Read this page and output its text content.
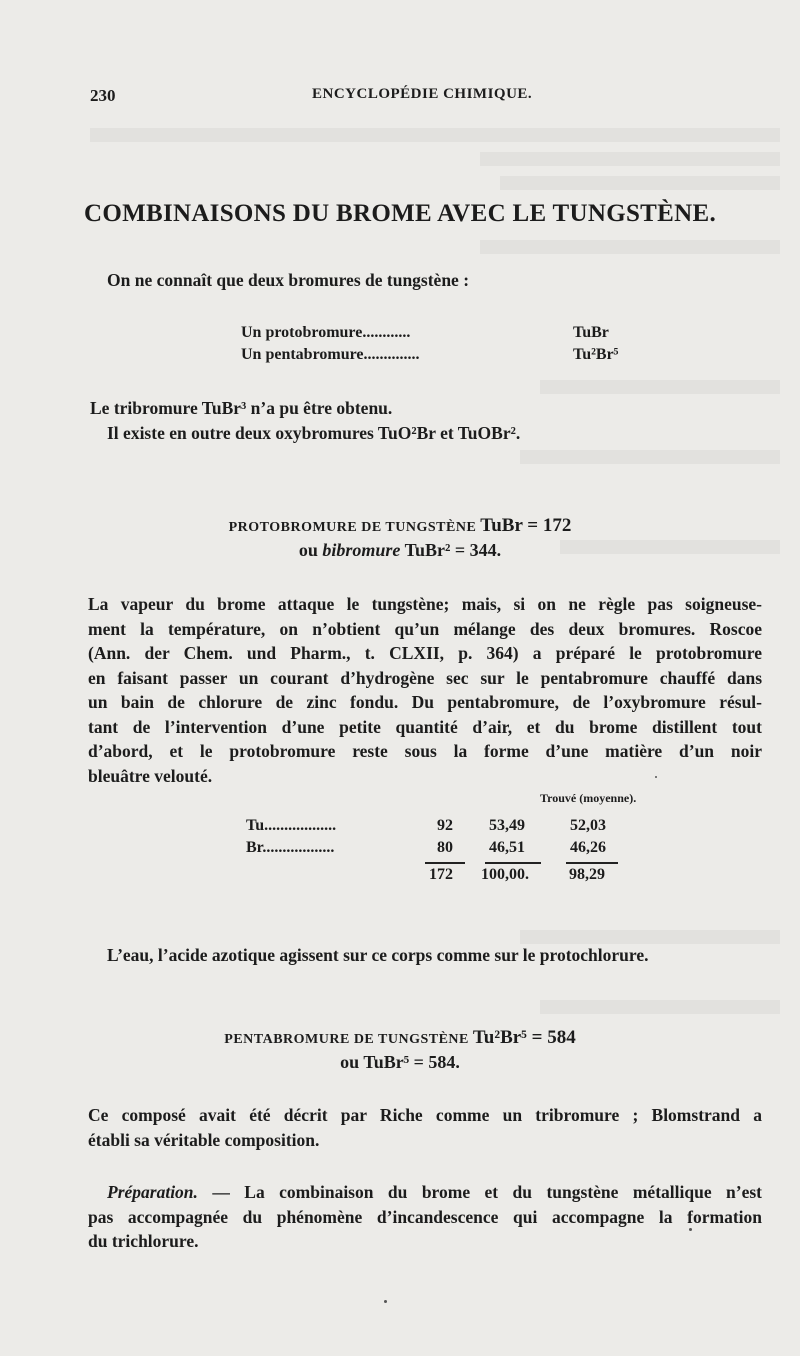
230	ENCYCLOPÉDIE CHIMIQUE.
COMBINAISONS DU BROME AVEC LE TUNGSTÈNE.
On ne connaît que deux bromures de tungstène :
Un protobromure............	TuBr
Un pentabromure..............	Tu²Br⁵
Le tribromure TuBr³ n’a pu être obtenu.
Il existe en outre deux oxybromures TuO²Br et TuOBr².
PROTOBROMURE DE TUNGSTÈNE TuBr = 172
ou bibromure TuBr² = 344.
La vapeur du brome attaque le tungstène; mais, si on ne règle pas soigneuse-
ment la température, on n’obtient qu’un mélange des deux bromures. Roscoe
(Ann. der Chem. und Pharm., t. CLXII, p. 364) a préparé le protobromure
en faisant passer un courant d’hydrogène sec sur le pentabromure chauffé dans
un bain de chlorure de zinc fondu. Du pentabromure, de l’oxybromure résul-
tant de l’intervention d’une petite quantité d’air, et du brome distillent tout
d’abord, et le protobromure reste sous la forme d’une matière d’un noir
bleuâtre velouté.
Trouvé (moyenne).
Tu..................	92 53,49	52,03
Br..................	80 46,51	46,26
172 100,00.	98,29
L’eau, l’acide azotique agissent sur ce corps comme sur le protochlorure.
PENTABROMURE DE TUNGSTÈNE Tu²Br⁵ = 584
ou TuBr⁵ = 584.
Ce composé avait été décrit par Riche comme un tribromure ; Blomstrand a
établi sa véritable composition.
Préparation. — La combinaison du brome et du tungstène métallique n’est
pas accompagnée du phénomène d’incandescence qui accompagne la formation
du trichlorure.
